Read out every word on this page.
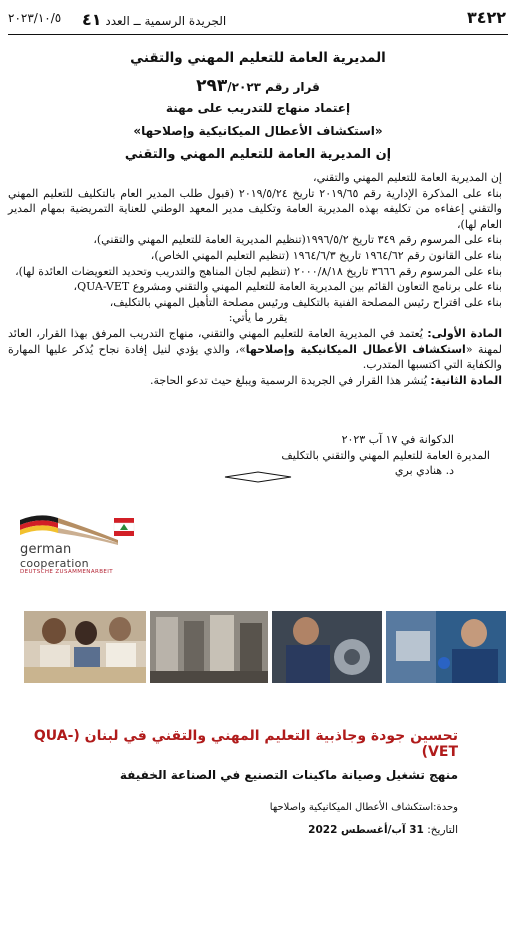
٣٤٢٢
الجريدة الرسمية ــ العدد ٤١
٢٠٢٣/١٠/٥
المديرية العامة للتعليم المهني والتقني
قرار رقم ٢٩٣/٢٠٢٣
إعتماد منهاج للتدريب على مهنة
«استكشاف الأعطال الميكانيكية وإصلاحها»
إن المديرية العامة للتعليم المهني والتقني

إن المديرية العامة للتعليم المهني والتقني،

بناء على المذكرة الإدارية رقم ٢٠١٩/٦٥ تاريخ ٢٠١٩/٥/٢٤ (قبول طلب المدير العام بالتكليف للتعليم المهني والتقني إعفاءه من تكليفه بهذه المديرية العامة وتكليف مدير المعهد الوطني للعناية التمريضية بمهام المدير العام لها)،

بناء على المرسوم رقم ٣٤٩ تاريخ ١٩٩٦/٥/٢(تنظيم المديرية العامة للتعليم المهني والتقني)،

بناء على القانون رقم ١٩٦٤/٦٢ تاريخ ١٩٦٤/٦/٣ (تنظيم التعليم المهني الخاص)،

بناء على المرسوم رقم ٣٦٦٦ تاريخ ٢٠٠٠/٨/١٨ (تنظيم لجان المناهج والتدريب وتحديد التعويضات العائدة لها)،

بناء على برنامج التعاون القائم بين المديرية العامة للتعليم المهني والتقني ومشروع QUA-VET،

بناء على اقتراح رئيس المصلحة الفنية بالتكليف ورئيس مصلحة التأهيل المهني بالتكليف،

يقرر ما يأتي:

المادة الأولى: يُعتمد في المديرية العامة للتعليم المهني والتقني، منهاج التدريب المرفق بهذا القرار، العائد لمهنة «استكشاف الأعطال الميكانيكية وإصلاحها»، والذي يؤدي لنيل إفادة نجاح يُذكر عليها المهارة والكفاية التي اكتسبها المتدرب.

المادة الثانية: يُنشر هذا القرار في الجريدة الرسمية ويبلغ حيث تدعو الحاجة.

الدكوانة في ١٧ آب ٢٠٢٣
المديرة العامة للتعليم المهني والتقني بالتكليف
د. هنادي بري
german
cooperation
DEUTSCHE ZUSAMMENARBEIT
تحسين جودة وجاذبية التعليم المهني والتقني في لبنان (QUA-VET)
منهج تشغيل وصيانة ماكينات التصنيع في الصناعة الخفيفة
وحدة:استكشاف الأعطال الميكانيكية واصلاحها
التاريخ: 31 آب/أغسطس 2022
